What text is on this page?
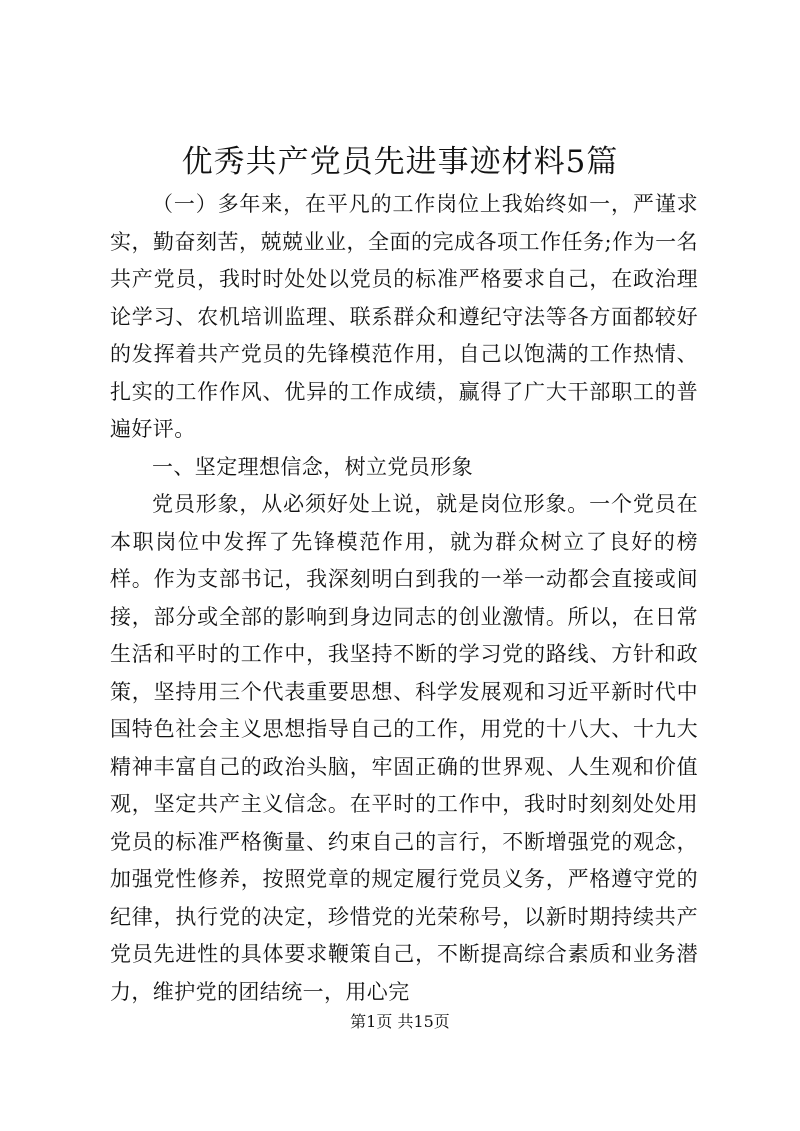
优秀共产党员先进事迹材料5篇

（一）多年来，在平凡的工作岗位上我始终如一，严谨求实，勤奋刻苦，兢兢业业，全面的完成各项工作任务;作为一名共产党员，我时时处处以党员的标准严格要求自己，在政治理论学习、农机培训监理、联系群众和遵纪守法等各方面都较好的发挥着共产党员的先锋模范作用，自己以饱满的工作热情、扎实的工作作风、优异的工作成绩，赢得了广大干部职工的普遍好评。

一、坚定理想信念，树立党员形象

党员形象，从必须好处上说，就是岗位形象。一个党员在本职岗位中发挥了先锋模范作用，就为群众树立了良好的榜样。作为支部书记，我深刻明白到我的一举一动都会直接或间接，部分或全部的影响到身边同志的创业激情。所以，在日常生活和平时的工作中，我坚持不断的学习党的路线、方针和政策，坚持用三个代表重要思想、科学发展观和习近平新时代中国特色社会主义思想指导自己的工作，用党的十八大、十九大精神丰富自己的政治头脑，牢固正确的世界观、人生观和价值观，坚定共产主义信念。在平时的工作中，我时时刻刻处处用党员的标准严格衡量、约束自己的言行，不断增强党的观念，加强党性修养，按照党章的规定履行党员义务，严格遵守党的纪律，执行党的决定，珍惜党的光荣称号，以新时期持续共产党员先进性的具体要求鞭策自己，不断提高综合素质和业务潜力，维护党的团结统一，用心完

第1页 共15页
